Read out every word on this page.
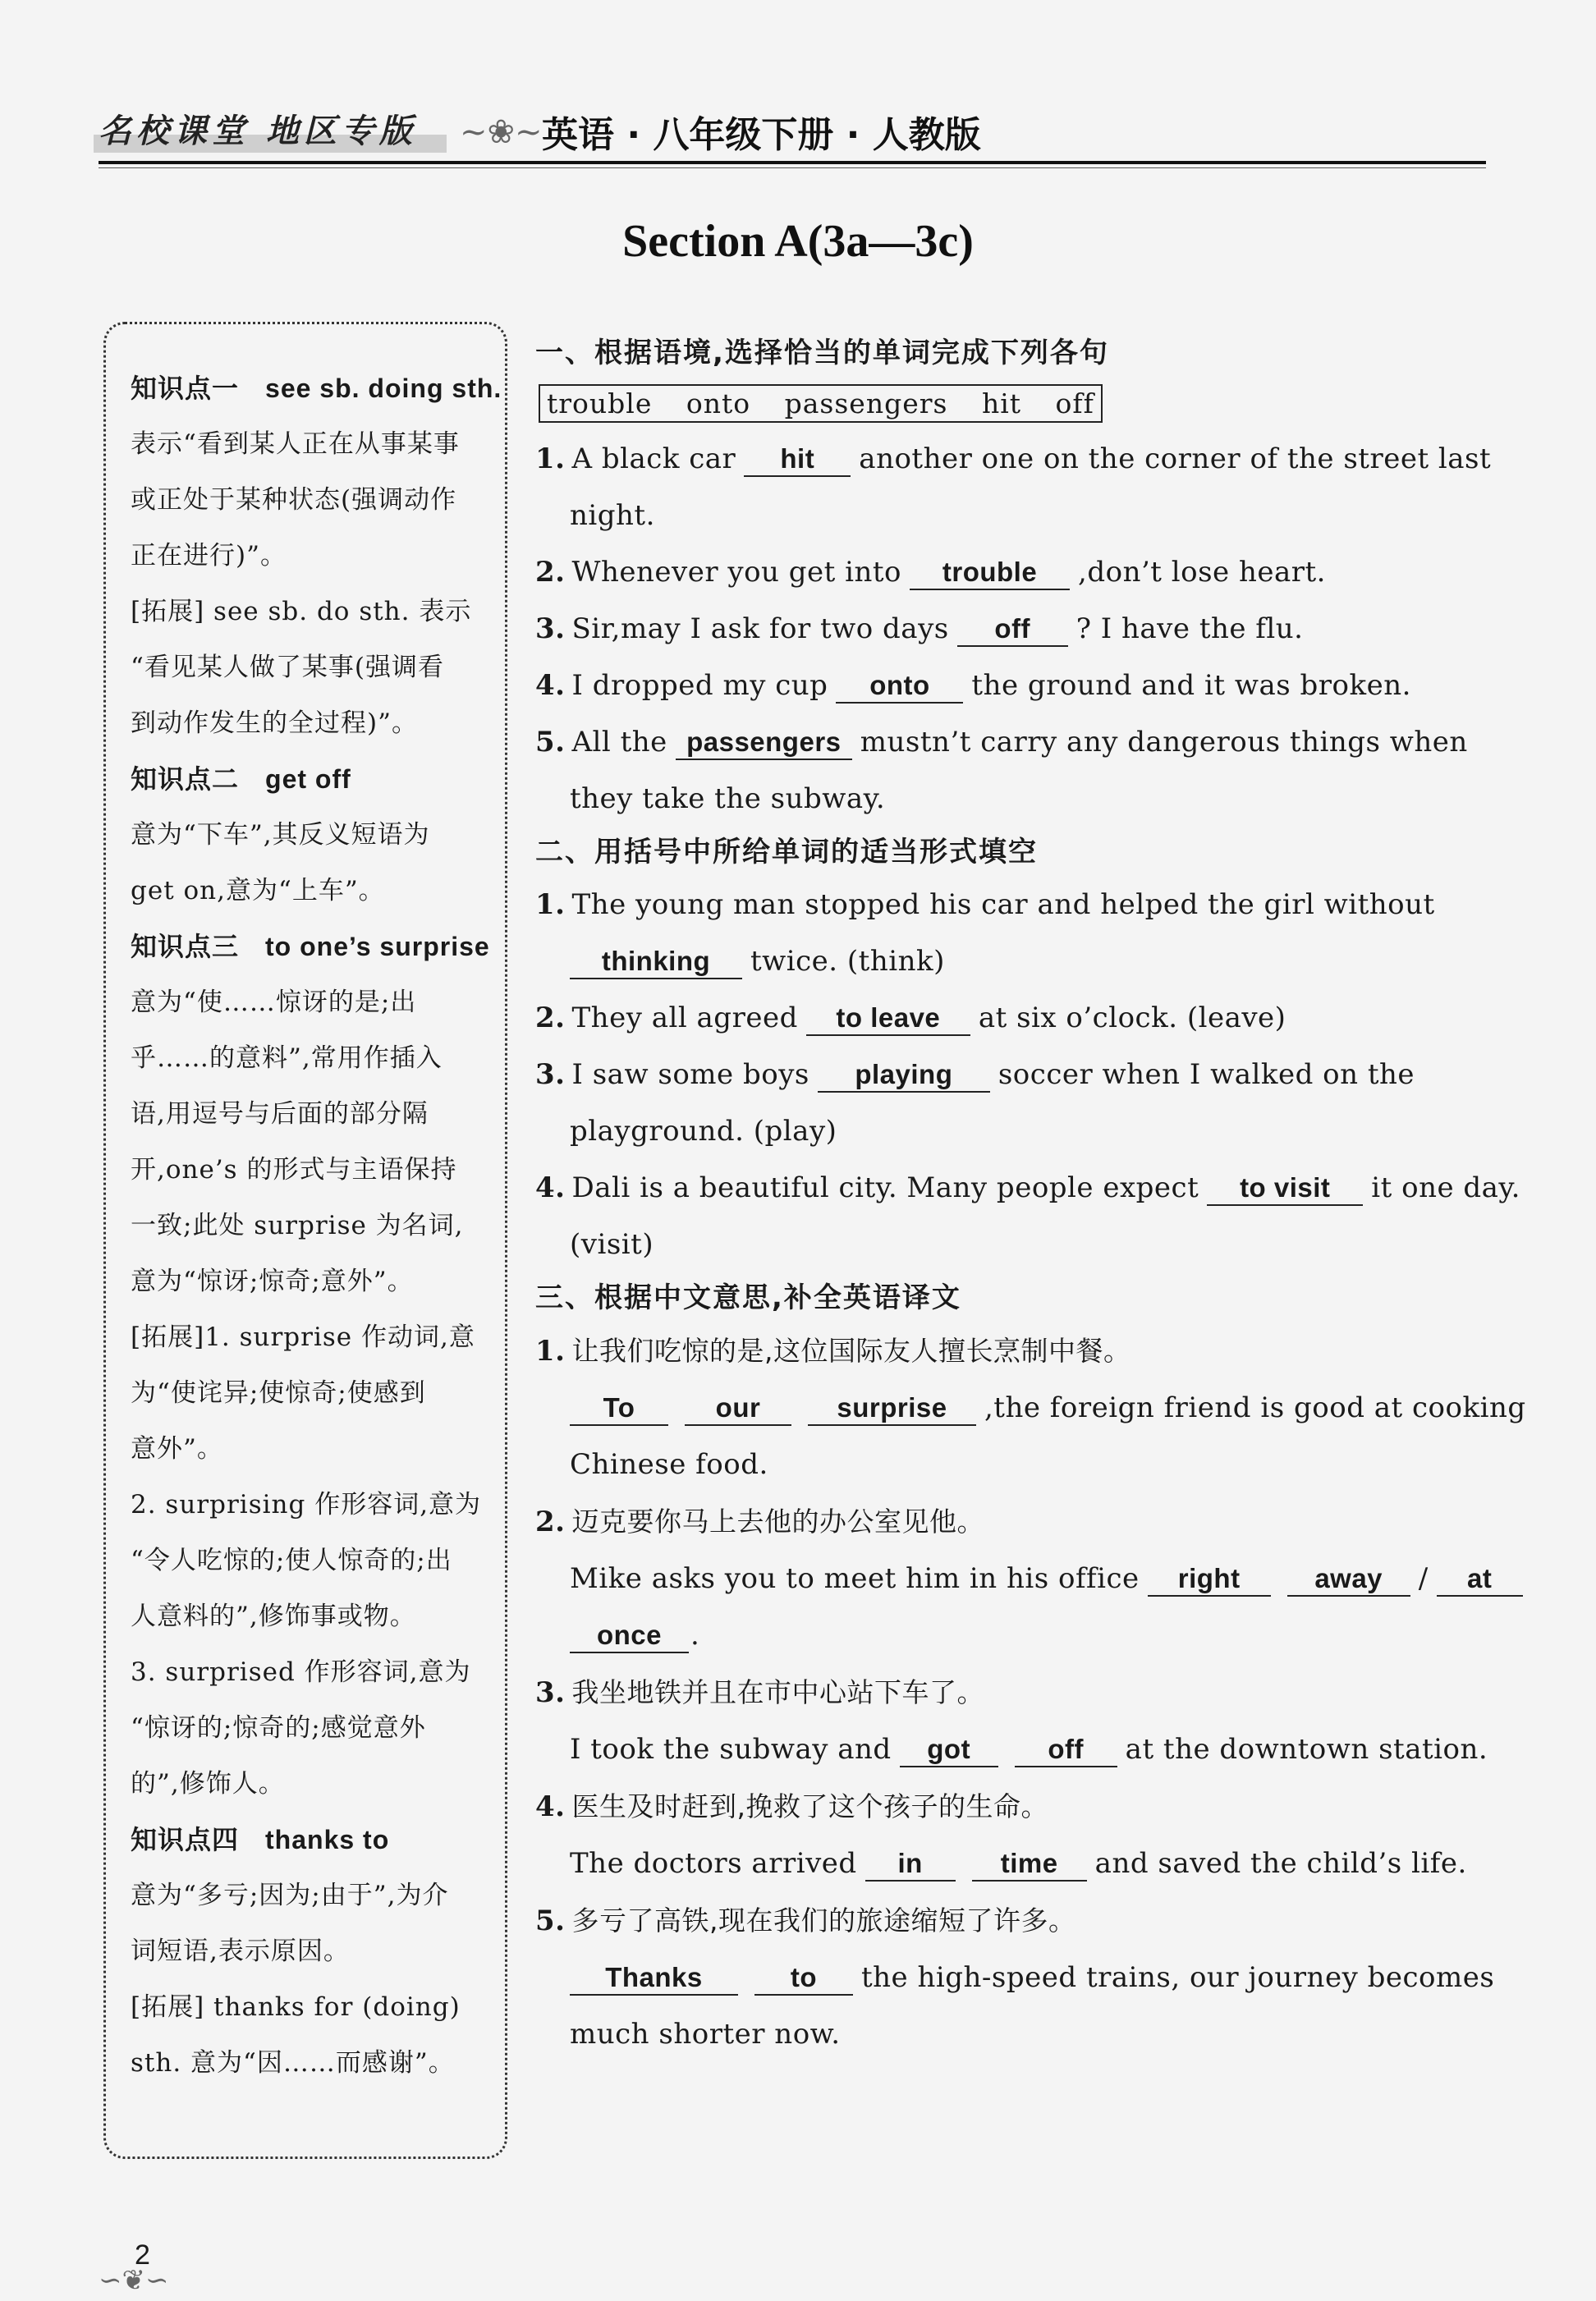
名校课堂 地区专版 ~❀~ 英语 · 八年级下册 · 人教版
Section A(3a—3c)
知识点一 see sb. doing sth.
表示“看到某人正在从事某事
或正处于某种状态(强调动作
正在进行)”。
[拓展] see sb. do sth. 表示
“看见某人做了某事(强调看
到动作发生的全过程)”。
知识点二 get off
意为“下车”,其反义短语为
get on,意为“上车”。
知识点三 to one’s surprise
意为“使……惊讶的是;出
乎……的意料”,常用作插入
语,用逗号与后面的部分隔
开,one’s 的形式与主语保持
一致;此处 surprise 为名词,
意为“惊讶;惊奇;意外”。
[拓展]1. surprise 作动词,意
为“使诧异;使惊奇;使感到
意外”。
2. surprising 作形容词,意为
“令人吃惊的;使人惊奇的;出
人意料的”,修饰事或物。
3. surprised 作形容词,意为
“惊讶的;惊奇的;感觉意外
的”,修饰人。
知识点四 thanks to
意为“多亏;因为;由于”,为介
词短语,表示原因。
[拓展] thanks for (doing)
sth. 意为“因……而感谢”。
一、根据语境,选择恰当的单词完成下列各句
trouble onto passengers hit off
1. A black car hit another one on the corner of the street last
night.
2. Whenever you get into trouble ,don’t lose heart.
3. Sir,may I ask for two days off ? I have the flu.
4. I dropped my cup onto the ground and it was broken.
5. All the passengers mustn’t carry any dangerous things when
they take the subway.
二、用括号中所给单词的适当形式填空
1. The young man stopped his car and helped the girl without
thinking twice. (think)
2. They all agreed to leave at six o’clock. (leave)
3. I saw some boys playing soccer when I walked on the
playground. (play)
4. Dali is a beautiful city. Many people expect to visit it one day.
(visit)
三、根据中文意思,补全英语译文
1. 让我们吃惊的是,这位国际友人擅长烹制中餐。
To	our	surprise ,the foreign friend is good at cooking
Chinese food.
2. 迈克要你马上去他的办公室见他。
Mike asks you to meet him in his office right	away / at
once .
3. 我坐地铁并且在市中心站下车了。
I took the subway and got	off at the downtown station.
4. 医生及时赶到,挽救了这个孩子的生命。
The doctors arrived in	time and saved the child’s life.
5. 多亏了高铁,现在我们的旅途缩短了许多。
Thanks	to the high-speed trains, our journey becomes
much shorter now.
2
∽❦∽
